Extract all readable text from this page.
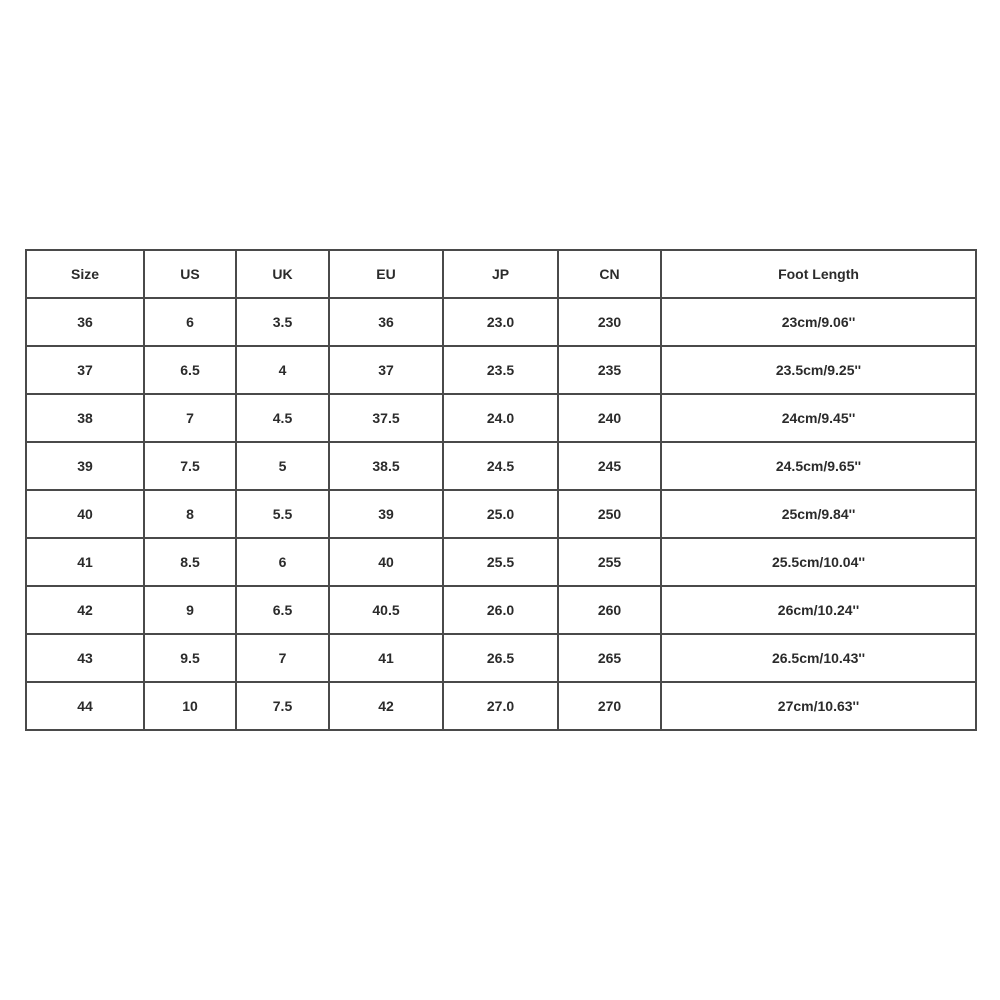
Size	US	UK	EU	JP	CN	Foot Length
36	6	3.5	36	23.0	230	23cm/9.06''
37	6.5	4	37	23.5	235	23.5cm/9.25''
38	7	4.5	37.5	24.0	240	24cm/9.45''
39	7.5	5	38.5	24.5	245	24.5cm/9.65''
40	8	5.5	39	25.0	250	25cm/9.84''
41	8.5	6	40	25.5	255	25.5cm/10.04''
42	9	6.5	40.5	26.0	260	26cm/10.24''
43	9.5	7	41	26.5	265	26.5cm/10.43''
44	10	7.5	42	27.0	270	27cm/10.63''
